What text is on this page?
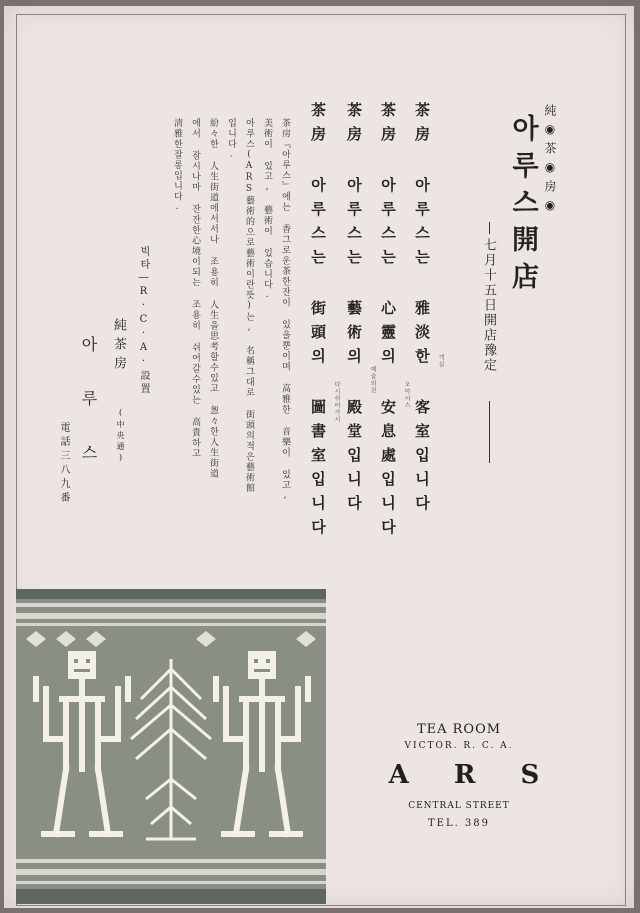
純◉茶◉房◉
아루스開店
七月十五日開店豫定
茶房 아루스는 雅淡한 客室입니다 객실
茶房 아루스는 心靈의 安息處입니다 오아시스
茶房 아루스는 藝術의 殿堂입니다 예술의전
茶房 아루스는 街頭의 圖書室입니다 다시쉬어가시
茶房『아루스』에는 香그로운茶한잔이 있을뿐이며 高雅한 音樂이 있고,
美術이 있고, 藝術이 있습니다.
아루스(ARS藝術的으로藝術이란뜻)는, 名稱그대로 街頭의적은藝術館
입니다.
紛々한 人生街道에서서나 조용히 人生을思考할수있고 怱々한人生街道
에서 잠시나마 잔잔한心境이되는 조용히 쉬어갈수있는 高貴하고
淸雅한잘롱입니다.
빅타―R·C·A·設置
純茶房
아루스 (中央通)
電話三八九番
TEA ROOM
VICTOR. R. C. A.
A R S
CENTRAL STREET
TEL. 389
